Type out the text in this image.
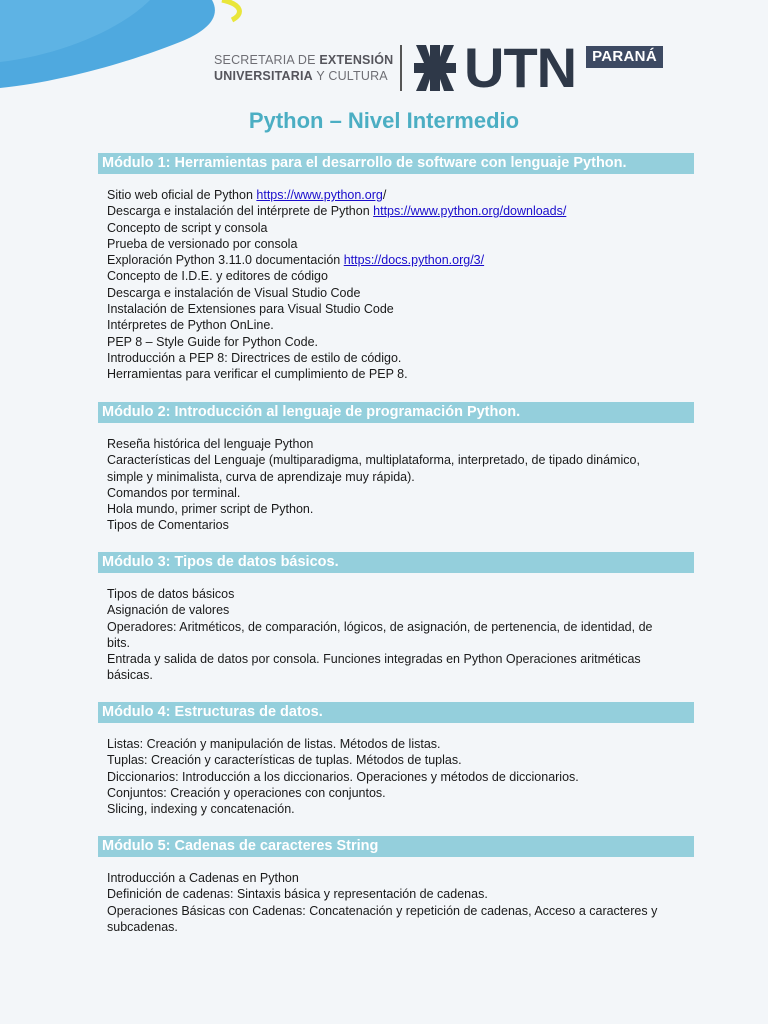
SECRETARIA DE EXTENSIÓN
UNIVERSITARIA Y CULTURA UTN	PARANÁ
Python – Nivel Intermedio
Módulo 1: Herramientas para el desarrollo de software con lenguaje Python.

Sitio web oficial de Python https://www.python.org/

Descarga e instalación del intérprete de Python https://www.python.org/downloads/

Concepto de script y consola

Prueba de versionado por consola

Exploración Python 3.11.0 documentación https://docs.python.org/3/

Concepto de I.D.E. y editores de código

Descarga e instalación de Visual Studio Code

Instalación de Extensiones para Visual Studio Code

Intérpretes de Python OnLine.

PEP 8 – Style Guide for Python Code.

Introducción a PEP 8: Directrices de estilo de código.

Herramientas para verificar el cumplimiento de PEP 8.

Módulo 2: Introducción al lenguaje de programación Python.

Reseña histórica del lenguaje Python

Características del Lenguaje (multiparadigma, multiplataforma, interpretado, de tipado dinámico,

simple y minimalista, curva de aprendizaje muy rápida).

Comandos por terminal.

Hola mundo, primer script de Python.

Tipos de Comentarios

Módulo 3: Tipos de datos básicos.

Tipos de datos básicos

Asignación de valores

Operadores: Aritméticos, de comparación, lógicos, de asignación, de pertenencia, de identidad, de

bits.

Entrada y salida de datos por consola. Funciones integradas en Python Operaciones aritméticas

básicas.

Módulo 4: Estructuras de datos.

Listas: Creación y manipulación de listas. Métodos de listas.

Tuplas: Creación y características de tuplas. Métodos de tuplas.

Diccionarios: Introducción a los diccionarios. Operaciones y métodos de diccionarios.

Conjuntos: Creación y operaciones con conjuntos.

Slicing, indexing y concatenación.

Módulo 5: Cadenas de caracteres String

Introducción a Cadenas en Python

Definición de cadenas: Sintaxis básica y representación de cadenas.

Operaciones Básicas con Cadenas: Concatenación y repetición de cadenas, Acceso a caracteres y

subcadenas.
